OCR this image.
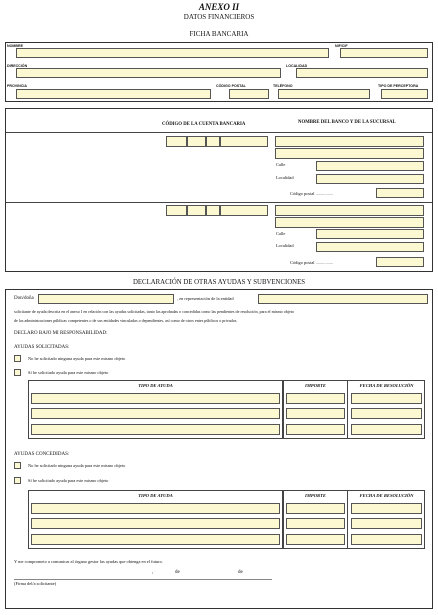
ANEXO II
DATOS FINANCIEROS
FICHA BANCARIA
NOMBRE	NIF/CIF
DIRECCIÓN	LOCALIDAD
PROVINCIA	CÓDIGO POSTAL	TELÉFONO	TIPO DE PERCEPTORA
CÓDIGO DE LA CUENTA BANCARIA	NOMBRE DEL BANCO Y DE LA SUCURSAL
Calle
Localidad
Código postal ................
Calle
Localidad
Código postal ................
DECLARACIÓN DE OTRAS AYUDAS Y SUBVENCIONES
Don/doña	, en representación de la entidad
solicitante de ayuda descrita en el anexo I en relación con las ayudas solicitadas, tanto las aprobadas o concedidas como las pendientes de resolución, para el mismo objeto
de las administraciones públicas competentes o de sus entidades vinculadas o dependientes, así como de otros entes públicos o privados.
DECLARO BAJO MI RESPONSABILIDAD:
AYUDAS SOLICITADAS:
No he solicitado ninguna ayuda para este mismo objeto
Sí he solicitado ayuda para este mismo objeto
TIPO DE AYUDA	IMPORTE	FECHA DE RESOLUCIÓN
AYUDAS CONCEDIDAS:
No he solicitado ninguna ayuda para este mismo objeto
Sí he solicitado ayuda para este mismo objeto
TIPO DE AYUDA	IMPORTE	FECHA DE RESOLUCIÓN
Y me comprometo a comunicar al órgano gestor las ayudas que obtenga en el futuro.
,	de	de
(Firma del/a solicitante)
